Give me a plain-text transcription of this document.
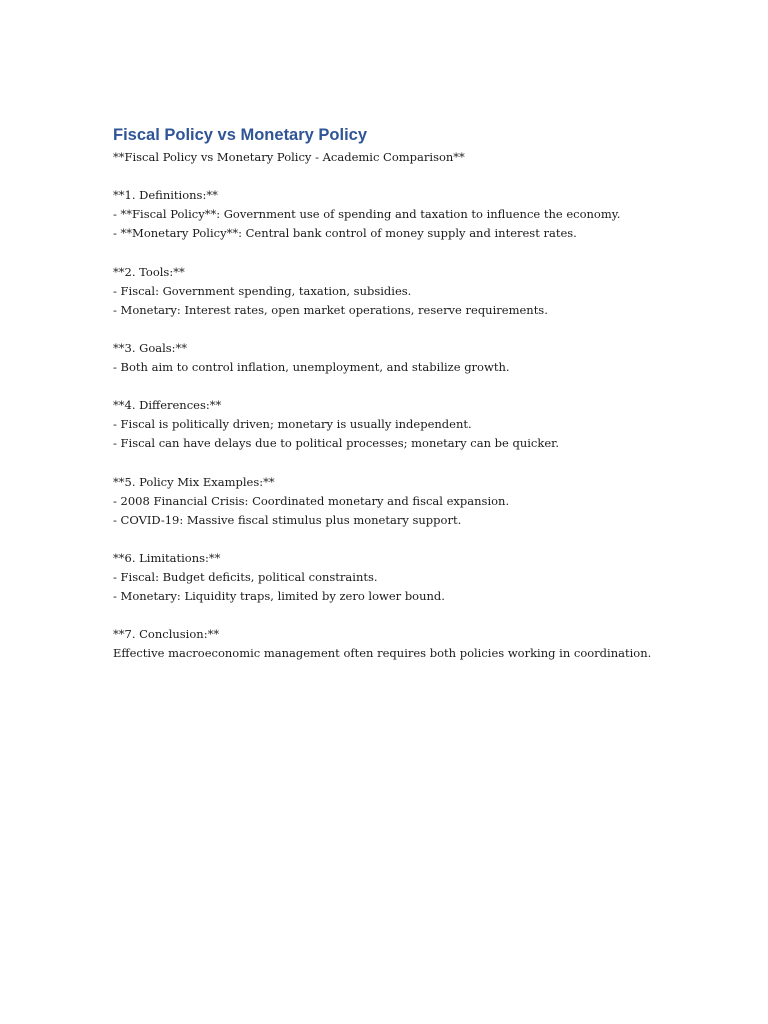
Fiscal Policy vs Monetary Policy
**Fiscal Policy vs Monetary Policy - Academic Comparison**
**1. Definitions:**
- **Fiscal Policy**: Government use of spending and taxation to influence the economy.
- **Monetary Policy**: Central bank control of money supply and interest rates.
**2. Tools:**
- Fiscal: Government spending, taxation, subsidies.
- Monetary: Interest rates, open market operations, reserve requirements.
**3. Goals:**
- Both aim to control inflation, unemployment, and stabilize growth.
**4. Differences:**
- Fiscal is politically driven; monetary is usually independent.
- Fiscal can have delays due to political processes; monetary can be quicker.
**5. Policy Mix Examples:**
- 2008 Financial Crisis: Coordinated monetary and fiscal expansion.
- COVID-19: Massive fiscal stimulus plus monetary support.
**6. Limitations:**
- Fiscal: Budget deficits, political constraints.
- Monetary: Liquidity traps, limited by zero lower bound.
**7. Conclusion:**
Effective macroeconomic management often requires both policies working in coordination.
